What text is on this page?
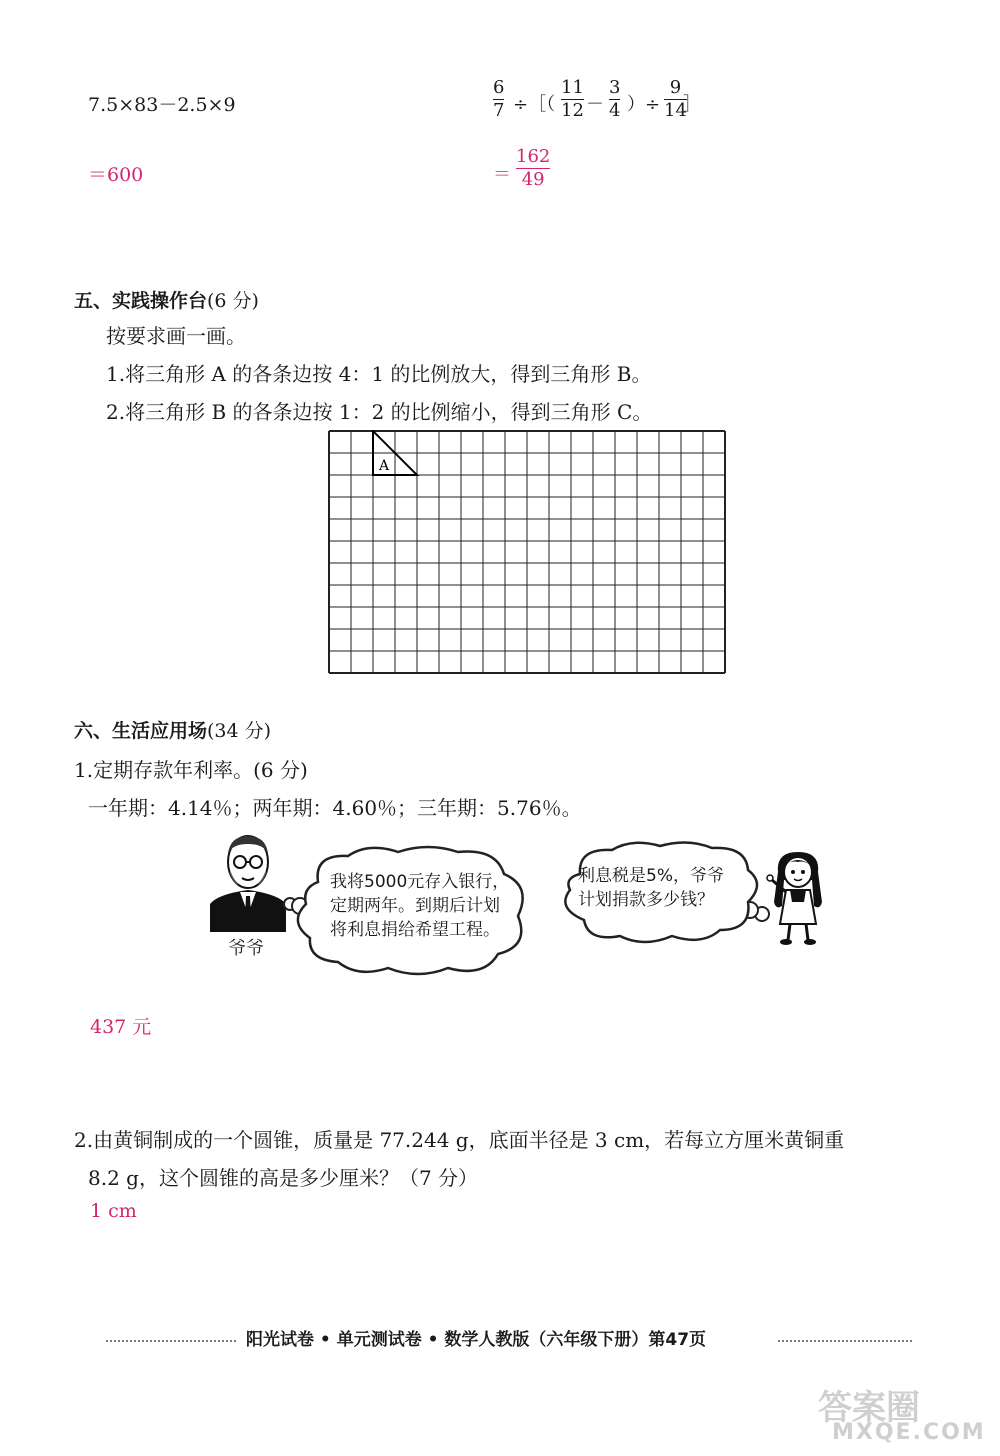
7.5×83－2.5×9
＝600
6
7 ÷［（
11
12 －
3
4 ）÷
9
14
］
＝
162
49
五、实践操作台(6 分)
按要求画一画。
1.将三角形 A 的各条边按 4：1 的比例放大，得到三角形 B。
2.将三角形 B 的各条边按 1：2 的比例缩小，得到三角形 C。
A
六、生活应用场(34 分)
1.定期存款年利率。(6 分)
一年期：4.14％；两年期：4.60％；三年期：5.76％。
爷爷
我将5000元存入银行，
定期两年。到期后计划
将利息捐给希望工程。
利息税是5%，爷爷
计划捐款多少钱？
437 元
2.由黄铜制成的一个圆锥，质量是 77.244 g，底面半径是 3 cm，若每立方厘米黄铜重
8.2 g，这个圆锥的高是多少厘米？（7 分）
1 cm
阳光试卷 • 单元测试卷 • 数学人教版（六年级下册）第47页
答案圈
MXQE.COM
